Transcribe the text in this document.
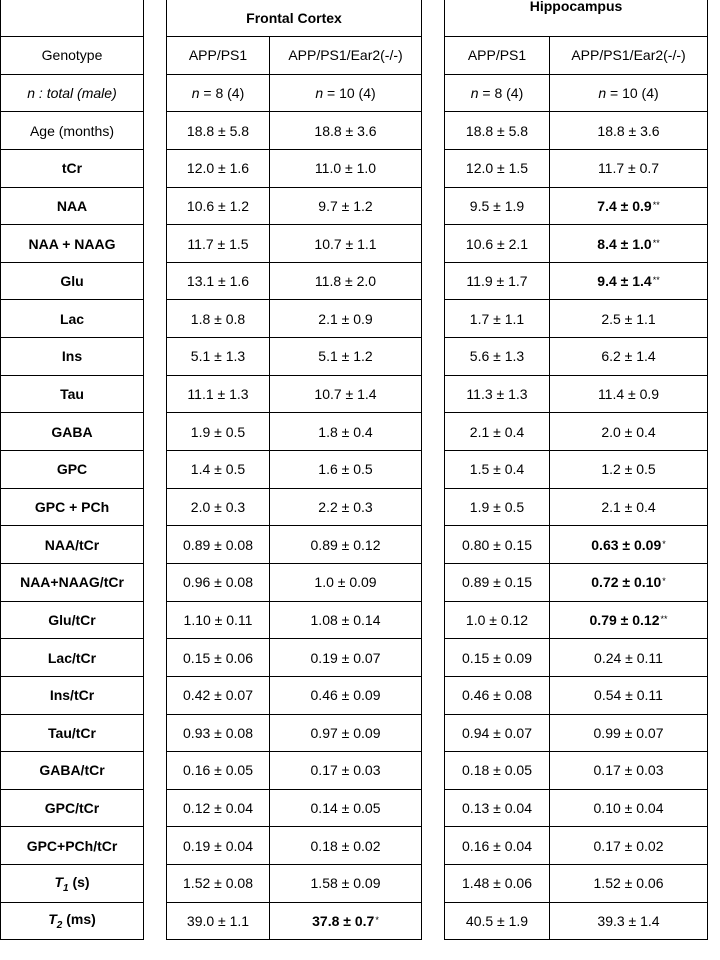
		Frontal Cortex			Hippocampus	

Genotype		APP/PS1	APP/PS1/Ear2(-/-)		APP/PS1	APP/PS1/Ear2(-/-)
n : total (male)		n = 8 (4)	n = 10 (4)		n = 8 (4)	n = 10 (4)
Age (months)		18.8 ± 5.8	18.8 ± 3.6		18.8 ± 5.8	18.8 ± 3.6
tCr		12.0 ± 1.6	11.0 ± 1.0		12.0 ± 1.5	11.7 ± 0.7
NAA		10.6 ± 1.2	9.7 ± 1.2		9.5 ± 1.9	7.4 ± 0.9**
NAA + NAAG		11.7 ± 1.5	10.7 ± 1.1		10.6 ± 2.1	8.4 ± 1.0**
Glu		13.1 ± 1.6	11.8 ± 2.0		11.9 ± 1.7	9.4 ± 1.4**
Lac		1.8 ± 0.8	2.1 ± 0.9		1.7 ± 1.1	2.5 ± 1.1
Ins		5.1 ± 1.3	5.1 ± 1.2		5.6 ± 1.3	6.2 ± 1.4
Tau		11.1 ± 1.3	10.7 ± 1.4		11.3 ± 1.3	11.4 ± 0.9
GABA		1.9 ± 0.5	1.8 ± 0.4		2.1 ± 0.4	2.0 ± 0.4
GPC		1.4 ± 0.5	1.6 ± 0.5		1.5 ± 0.4	1.2 ± 0.5
GPC + PCh		2.0 ± 0.3	2.2 ± 0.3		1.9 ± 0.5	2.1 ± 0.4
NAA/tCr		0.89 ± 0.08	0.89 ± 0.12		0.80 ± 0.15	0.63 ± 0.09*
NAA+NAAG/tCr		0.96 ± 0.08	1.0 ± 0.09		0.89 ± 0.15	0.72 ± 0.10*
Glu/tCr		1.10 ± 0.11	1.08 ± 0.14		1.0 ± 0.12	0.79 ± 0.12**
Lac/tCr		0.15 ± 0.06	0.19 ± 0.07		0.15 ± 0.09	0.24 ± 0.11
Ins/tCr		0.42 ± 0.07	0.46 ± 0.09		0.46 ± 0.08	0.54 ± 0.11
Tau/tCr		0.93 ± 0.08	0.97 ± 0.09		0.94 ± 0.07	0.99 ± 0.07
GABA/tCr		0.16 ± 0.05	0.17 ± 0.03		0.18 ± 0.05	0.17 ± 0.03
GPC/tCr		0.12 ± 0.04	0.14 ± 0.05		0.13 ± 0.04	0.10 ± 0.04
GPC+PCh/tCr		0.19 ± 0.04	0.18 ± 0.02		0.16 ± 0.04	0.17 ± 0.02
$T_1$ (s)		1.52 ± 0.08	1.58 ± 0.09		1.48 ± 0.06	1.52 ± 0.06
$T_2$ (ms)		39.0 ± 1.1	37.8 ± 0.7*		40.5 ± 1.9	39.3 ± 1.4
